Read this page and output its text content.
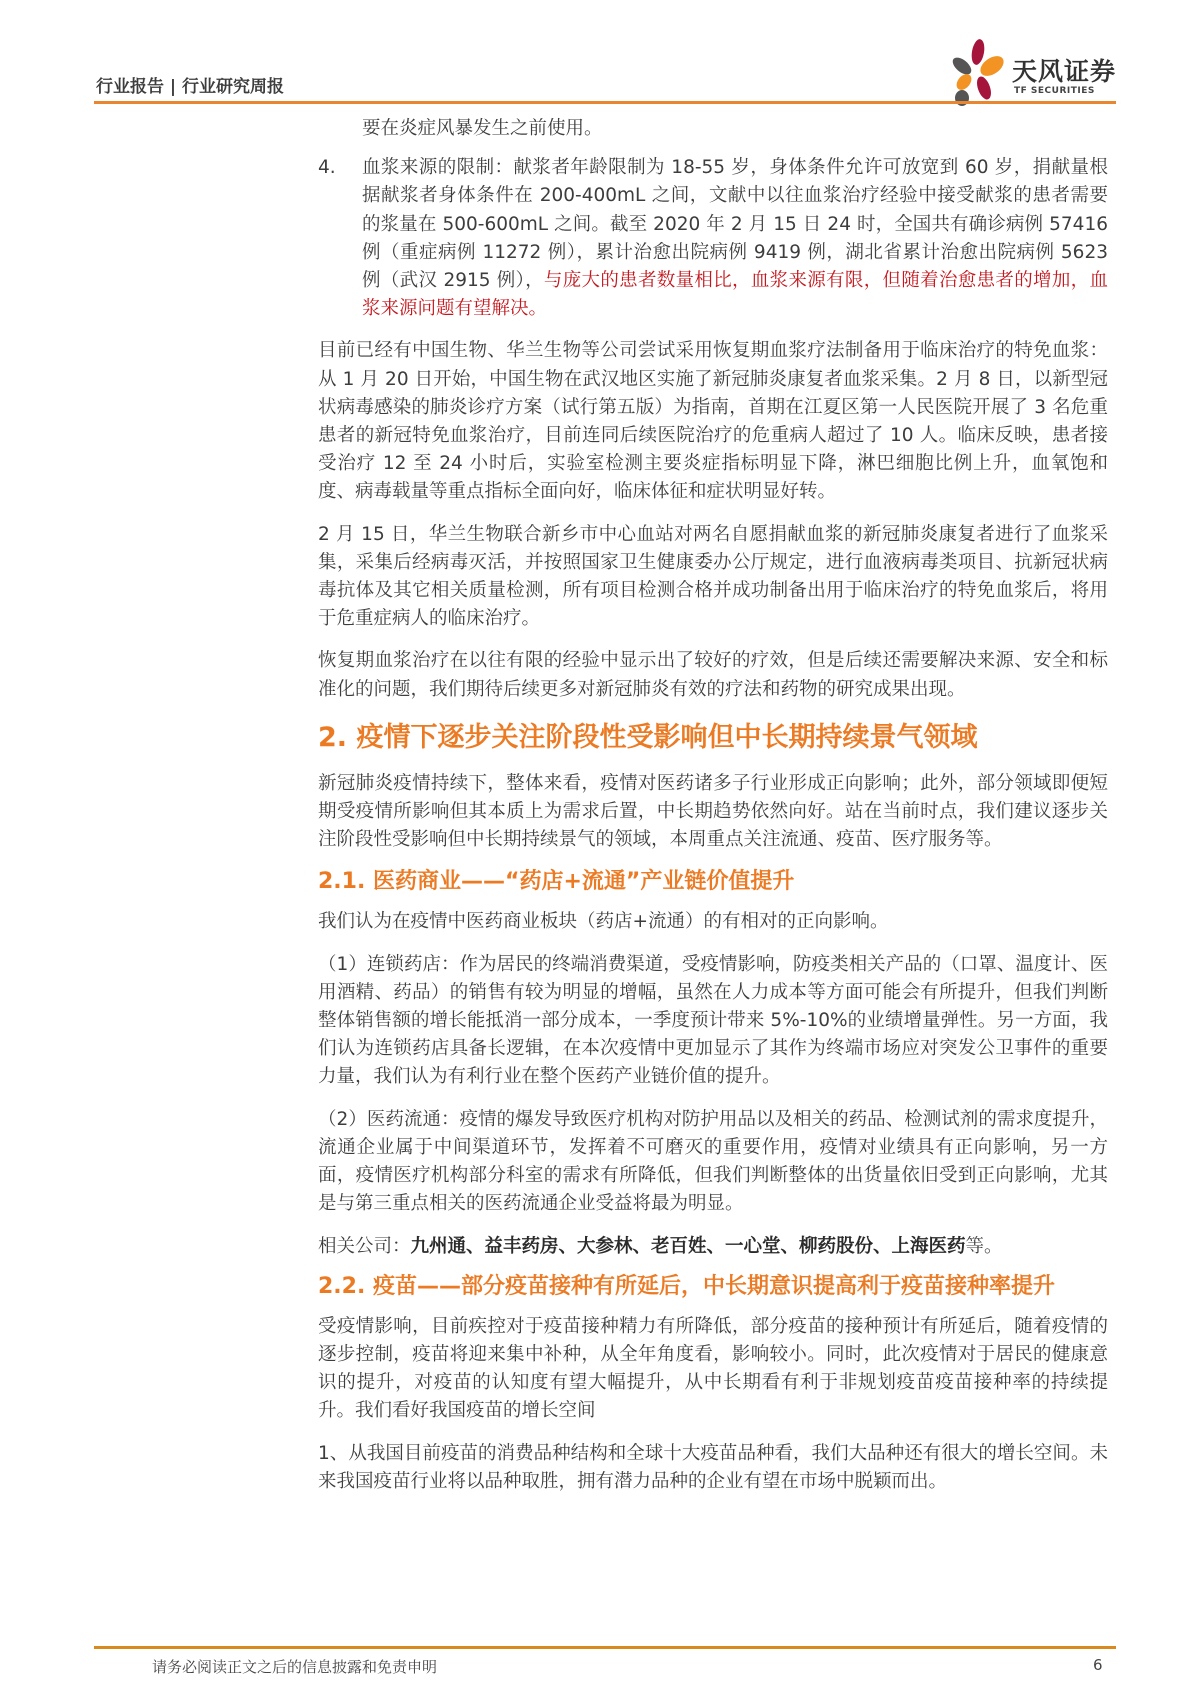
行业报告 | 行业研究周报
天风证券
TF SECURITIES

要在炎症风暴发生之前使用。

4. 血浆来源的限制：献浆者年龄限制为 18-55 岁，身体条件允许可放宽到 60 岁，捐献量根据献浆者身体条件在 200-400mL 之间，文献中以往血浆治疗经验中接受献浆的患者需要的浆量在 500-600mL 之间。截至 2020 年 2 月 15 日 24 时，全国共有确诊病例 57416 例（重症病例 11272 例），累计治愈出院病例 9419 例，湖北省累计治愈出院病例 5623 例（武汉 2915 例），与庞大的患者数量相比，血浆来源有限，但随着治愈患者的增加，血浆来源问题有望解决。

目前已经有中国生物、华兰生物等公司尝试采用恢复期血浆疗法制备用于临床治疗的特免血浆：从 1 月 20 日开始，中国生物在武汉地区实施了新冠肺炎康复者血浆采集。2 月 8 日，以新型冠状病毒感染的肺炎诊疗方案（试行第五版）为指南，首期在江夏区第一人民医院开展了 3 名危重患者的新冠特免血浆治疗，目前连同后续医院治疗的危重病人超过了 10 人。临床反映，患者接受治疗 12 至 24 小时后，实验室检测主要炎症指标明显下降，淋巴细胞比例上升，血氧饱和度、病毒载量等重点指标全面向好，临床体征和症状明显好转。

2 月 15 日，华兰生物联合新乡市中心血站对两名自愿捐献血浆的新冠肺炎康复者进行了血浆采集，采集后经病毒灭活，并按照国家卫生健康委办公厅规定，进行血液病毒类项目、抗新冠状病毒抗体及其它相关质量检测，所有项目检测合格并成功制备出用于临床治疗的特免血浆后，将用于危重症病人的临床治疗。

恢复期血浆治疗在以往有限的经验中显示出了较好的疗效，但是后续还需要解决来源、安全和标准化的问题，我们期待后续更多对新冠肺炎有效的疗法和药物的研究成果出现。

2. 疫情下逐步关注阶段性受影响但中长期持续景气领域

新冠肺炎疫情持续下，整体来看，疫情对医药诸多子行业形成正向影响；此外，部分领域即便短期受疫情所影响但其本质上为需求后置，中长期趋势依然向好。站在当前时点，我们建议逐步关注阶段性受影响但中长期持续景气的领域，本周重点关注流通、疫苗、医疗服务等。

2.1. 医药商业——“药店+流通”产业链价值提升

我们认为在疫情中医药商业板块（药店+流通）的有相对的正向影响。

（1）连锁药店：作为居民的终端消费渠道，受疫情影响，防疫类相关产品的（口罩、温度计、医用酒精、药品）的销售有较为明显的增幅，虽然在人力成本等方面可能会有所提升，但我们判断整体销售额的增长能抵消一部分成本，一季度预计带来 5%-10%的业绩增量弹性。另一方面，我们认为连锁药店具备长逻辑，在本次疫情中更加显示了其作为终端市场应对突发公卫事件的重要力量，我们认为有利行业在整个医药产业链价值的提升。

（2）医药流通：疫情的爆发导致医疗机构对防护用品以及相关的药品、检测试剂的需求度提升，流通企业属于中间渠道环节，发挥着不可磨灭的重要作用，疫情对业绩具有正向影响，另一方面，疫情医疗机构部分科室的需求有所降低，但我们判断整体的出货量依旧受到正向影响，尤其是与第三重点相关的医药流通企业受益将最为明显。

相关公司：九州通、益丰药房、大参林、老百姓、一心堂、柳药股份、上海医药等。

2.2. 疫苗——部分疫苗接种有所延后，中长期意识提高利于疫苗接种率提升

受疫情影响，目前疾控对于疫苗接种精力有所降低，部分疫苗的接种预计有所延后，随着疫情的逐步控制，疫苗将迎来集中补种，从全年角度看，影响较小。同时，此次疫情对于居民的健康意识的提升，对疫苗的认知度有望大幅提升，从中长期看有利于非规划疫苗疫苗接种率的持续提升。我们看好我国疫苗的增长空间

1、从我国目前疫苗的消费品种结构和全球十大疫苗品种看，我们大品种还有很大的增长空间。未来我国疫苗行业将以品种取胜，拥有潜力品种的企业有望在市场中脱颖而出。

请务必阅读正文之后的信息披露和免责申明	6
